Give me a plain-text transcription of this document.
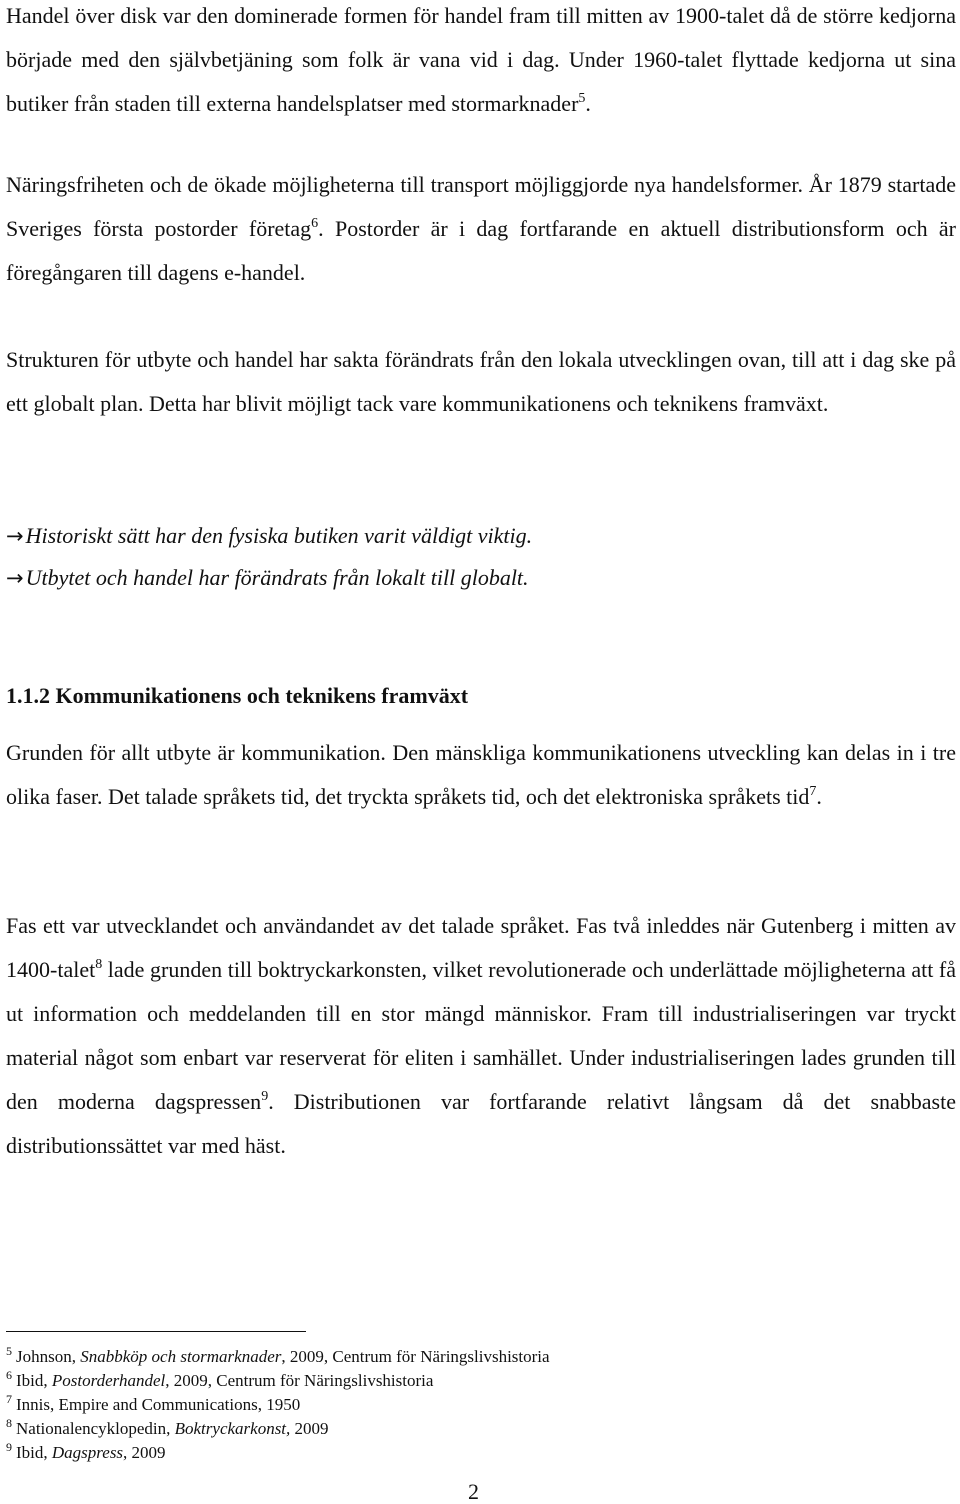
Handel över disk var den dominerade formen för handel fram till mitten av 1900-talet då de större kedjorna började med den självbetjäning som folk är vana vid i dag. Under 1960-talet flyttade kedjorna ut sina butiker från staden till externa handelsplatser med stormarknader$^5$.

Näringsfriheten och de ökade möjligheterna till transport möjliggjorde nya handelsformer. År 1879 startade Sveriges första postorder företag$^6$. Postorder är i dag fortfarande en aktuell distributionsform och är föregångaren till dagens e-handel.

Strukturen för utbyte och handel har sakta förändrats från den lokala utvecklingen ovan, till att i dag ske på ett globalt plan. Detta har blivit möjligt tack vare kommunikationens och teknikens framväxt.

→Historiskt sätt har den fysiska butiken varit väldigt viktig.

→Utbytet och handel har förändrats från lokalt till globalt.

1.1.2 Kommunikationens och teknikens framväxt

Grunden för allt utbyte är kommunikation. Den mänskliga kommunikationens utveckling kan delas in i tre olika faser. Det talade språkets tid, det tryckta språkets tid, och det elektroniska språkets tid$^7$.

Fas ett var utvecklandet och användandet av det talade språket. Fas två inleddes när Gutenberg i mitten av 1400-talet$^8$ lade grunden till boktryckarkonsten, vilket revolutionerade och underlättade möjligheterna att få ut information och meddelanden till en stor mängd människor. Fram till industrialiseringen var tryckt material något som enbart var reserverat för eliten i samhället. Under industrialiseringen lades grunden till den moderna dagspressen$^9$. Distributionen var fortfarande relativt långsam då det snabbaste distributionssättet var med häst.

$^5$ Johnson, Snabbköp och stormarknader, 2009, Centrum för Näringslivshistoria
$^6$ Ibid, Postorderhandel, 2009, Centrum för Näringslivshistoria
$^7$ Innis, Empire and Communications, 1950
$^8$ Nationalencyklopedin, Boktryckarkonst, 2009
$^9$ Ibid, Dagspress, 2009
2
